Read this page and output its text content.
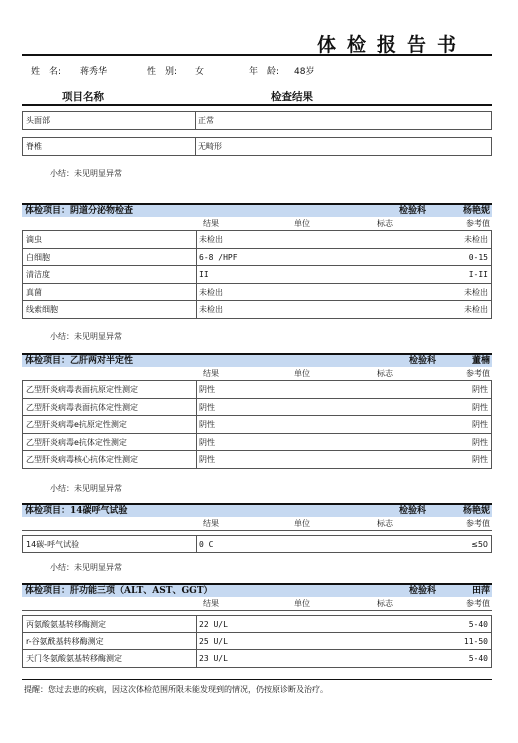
体检报告书
姓　名: 蒋秀华	性　别: 女	年　龄: 48岁
项目名称	检查结果
头面部	正常
脊椎	无畸形
小结：未见明显异常
体检项目：阴道分泌物检查	检验科	杨艳妮
结果	单位	标志	参考值
滴虫	未检出	未检出
白细胞	6-8 /HPF	0-15
清洁度	II	I-II
真菌	未检出	未检出
线索细胞	未检出	未检出
小结：未见明显异常
体检项目：乙肝两对半定性	检验科	董楠
结果	单位	标志	参考值
乙型肝炎病毒表面抗原定性测定	阴性	阴性
乙型肝炎病毒表面抗体定性测定	阴性	阴性
乙型肝炎病毒e抗原定性测定	阴性	阴性
乙型肝炎病毒e抗体定性测定	阴性	阴性
乙型肝炎病毒核心抗体定性测定	阴性	阴性
小结：未见明显异常
体检项目：14碳呼气试验	检验科	杨艳妮
结果	单位	标志	参考值
14碳-呼气试验	0 C	≤50
小结：未见明显异常
体检项目：肝功能三项（ALT、AST、GGT）	检验科	田萍
结果	单位	标志	参考值
丙氨酸氨基转移酶测定	22 U/L	5-40
r-谷氨酰基转移酶测定	25 U/L	11-50
天门冬氨酸氨基转移酶测定	23 U/L	5-40
提醒：您过去患的疾病，因这次体检范围所限未能发现到的情况，仍按原诊断及治疗。
